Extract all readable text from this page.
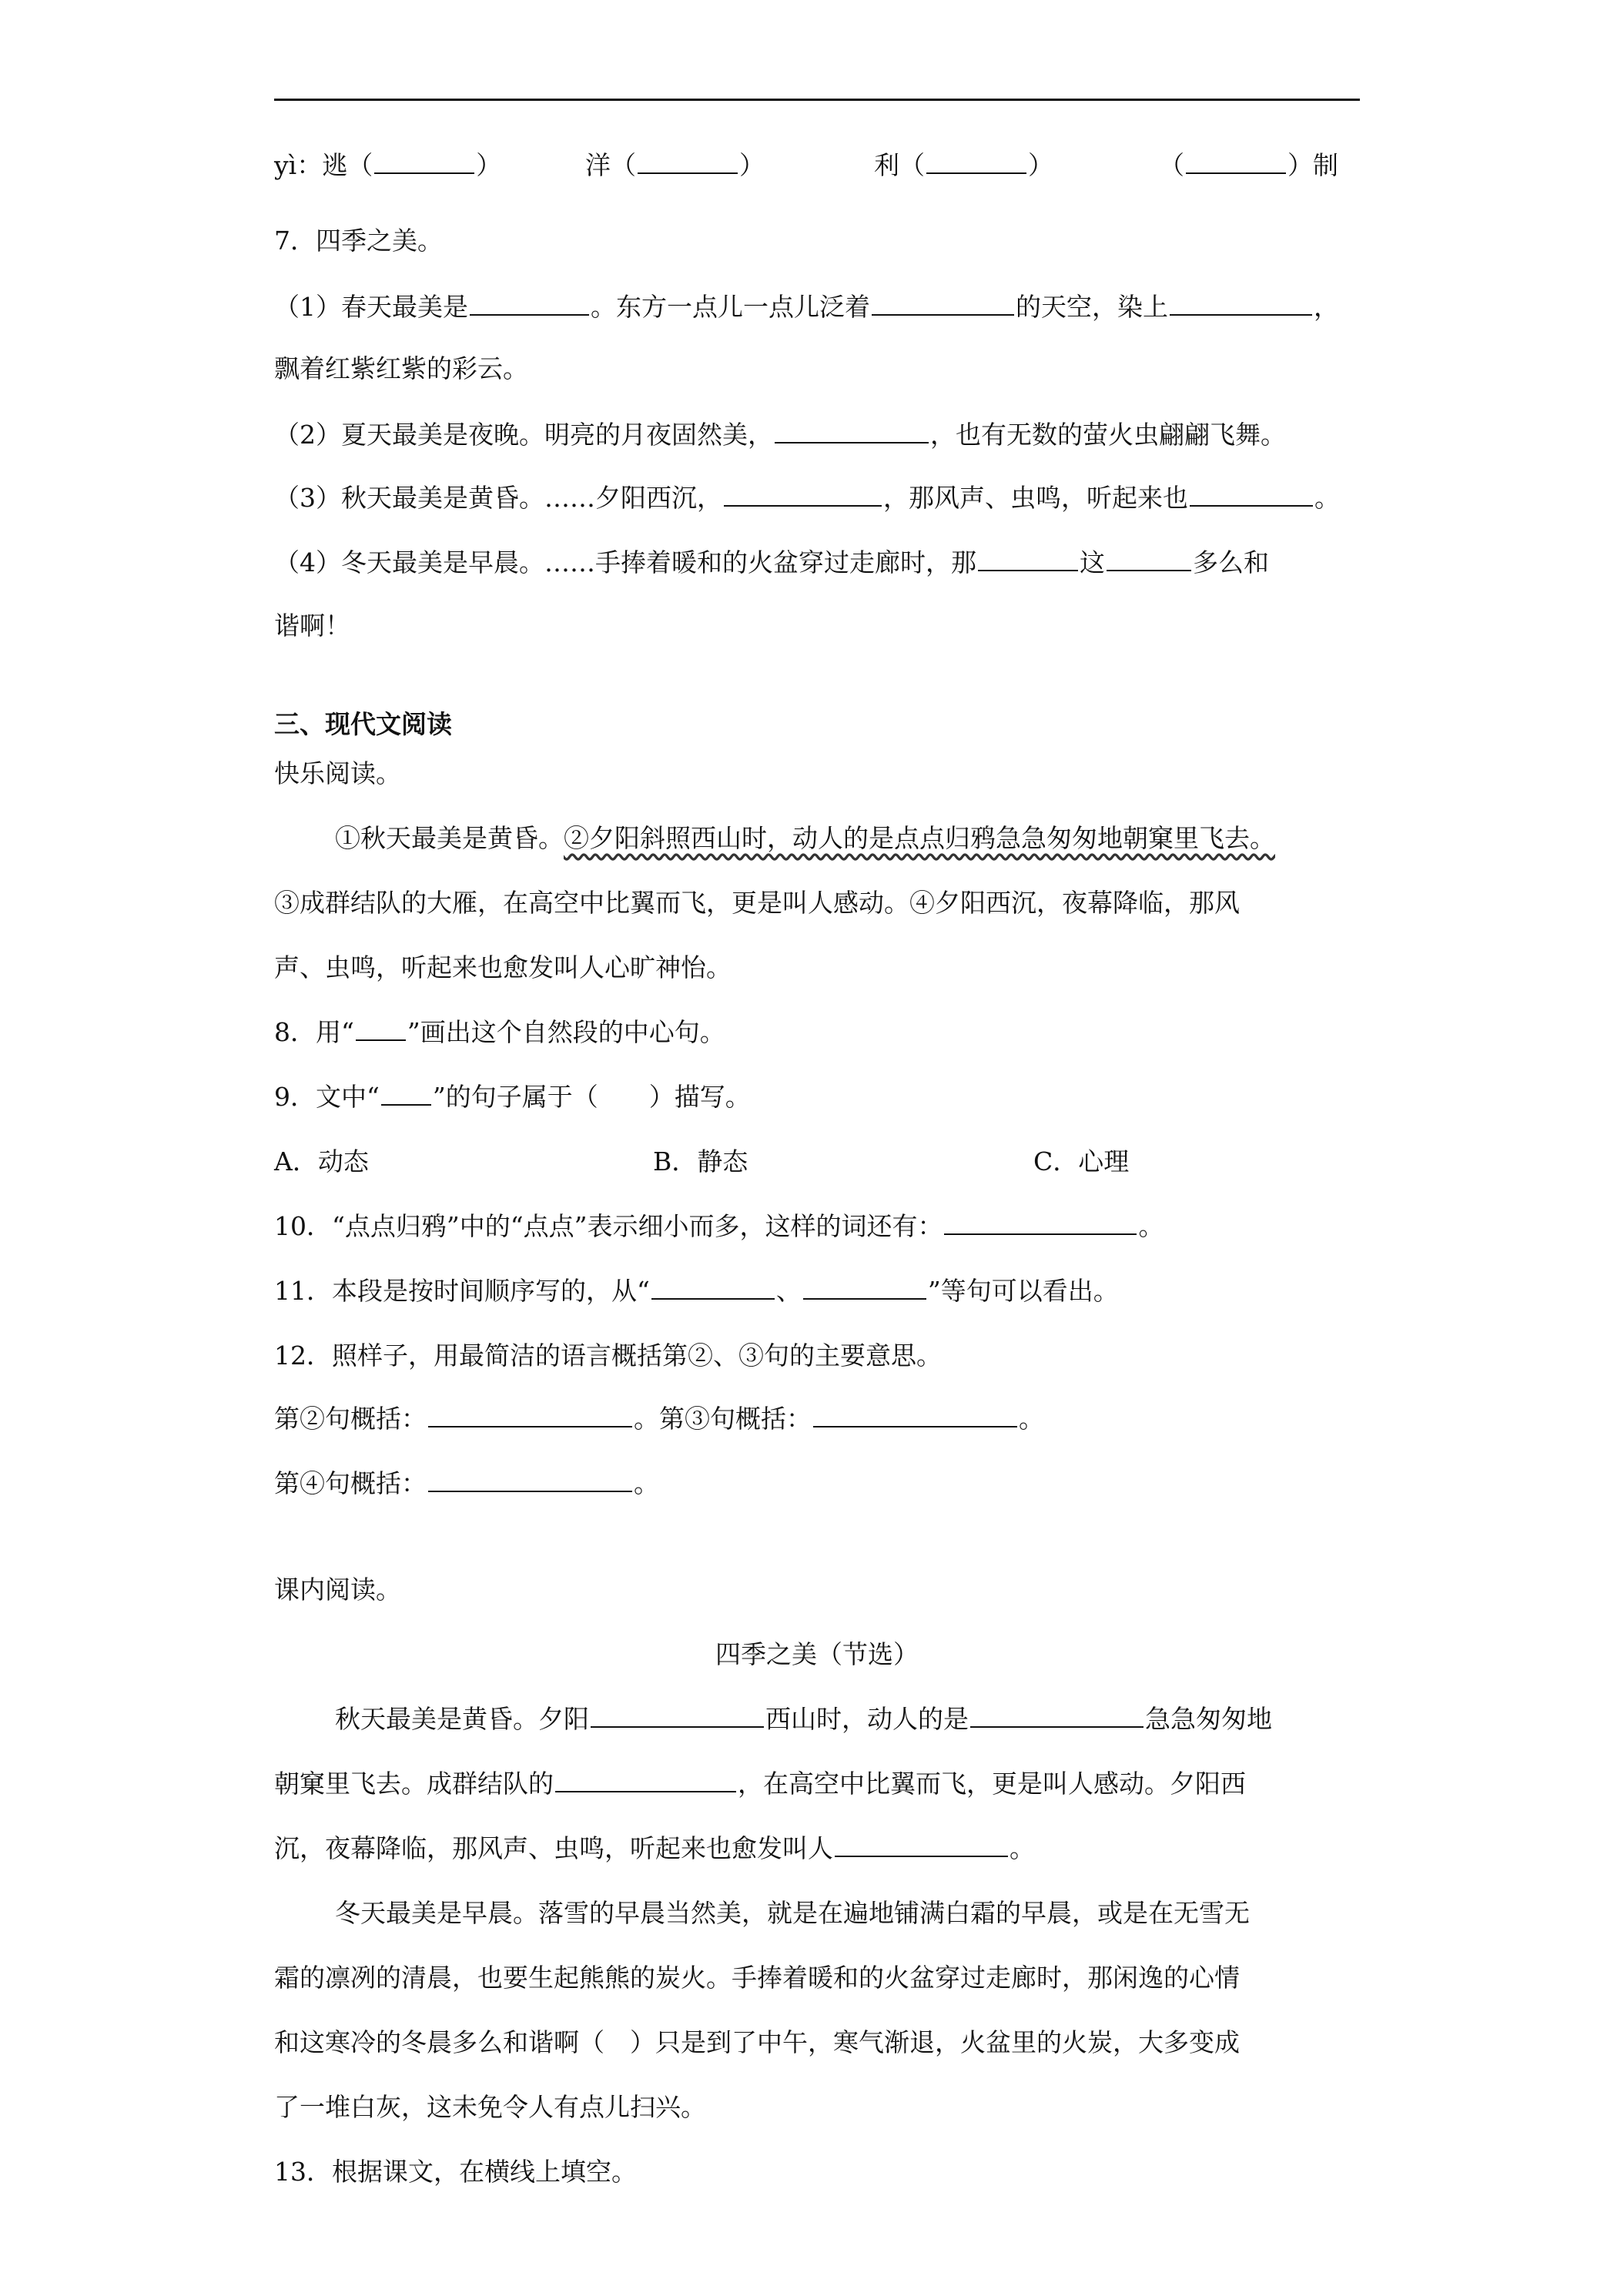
yì：逃（	）	洋（	）	利（	）	（	）制
7．四季之美。
（1）春天最美是	。东方一点儿一点儿泛着	的天空，染上	，
飘着红紫红紫的彩云。
（2）夏天最美是夜晚。明亮的月夜固然美，	，也有无数的萤火虫翩翩飞舞。
（3）秋天最美是黄昏。……夕阳西沉，	，那风声、虫鸣，听起来也	。
（4）冬天最美是早晨。……手捧着暖和的火盆穿过走廊时，那	这	多么和
谐啊！
三、现代文阅读
快乐阅读。
①秋天最美是黄昏。②夕阳斜照西山时，动人的是点点归鸦急急匆匆地朝窠里飞去。
③成群结队的大雁，在高空中比翼而飞，更是叫人感动。④夕阳西沉，夜幕降临，那风
声、虫鸣，听起来也愈发叫人心旷神怡。
8．用“ ”画出这个自然段的中心句。
9．文中“ ”的句子属于（　　）描写。
A．动态	B．静态	C．心理
10．“点点归鸦”中的“点点”表示细小而多，这样的词还有：	。
11．本段是按时间顺序写的，从“	、	”等句可以看出。
12．照样子，用最简洁的语言概括第②、③句的主要意思。
第②句概括：	。第③句概括：	。
第④句概括：	。
课内阅读。
四季之美（节选）
秋天最美是黄昏。夕阳	西山时，动人的是	急急匆匆地
朝窠里飞去。成群结队的	，在高空中比翼而飞，更是叫人感动。夕阳西
沉，夜幕降临，那风声、虫鸣，听起来也愈发叫人	。
冬天最美是早晨。落雪的早晨当然美，就是在遍地铺满白霜的早晨，或是在无雪无
霜的凛冽的清晨，也要生起熊熊的炭火。手捧着暖和的火盆穿过走廊时，那闲逸的心情
和这寒冷的冬晨多么和谐啊（　）只是到了中午，寒气渐退，火盆里的火炭，大多变成
了一堆白灰，这未免令人有点儿扫兴。
13．根据课文，在横线上填空。
